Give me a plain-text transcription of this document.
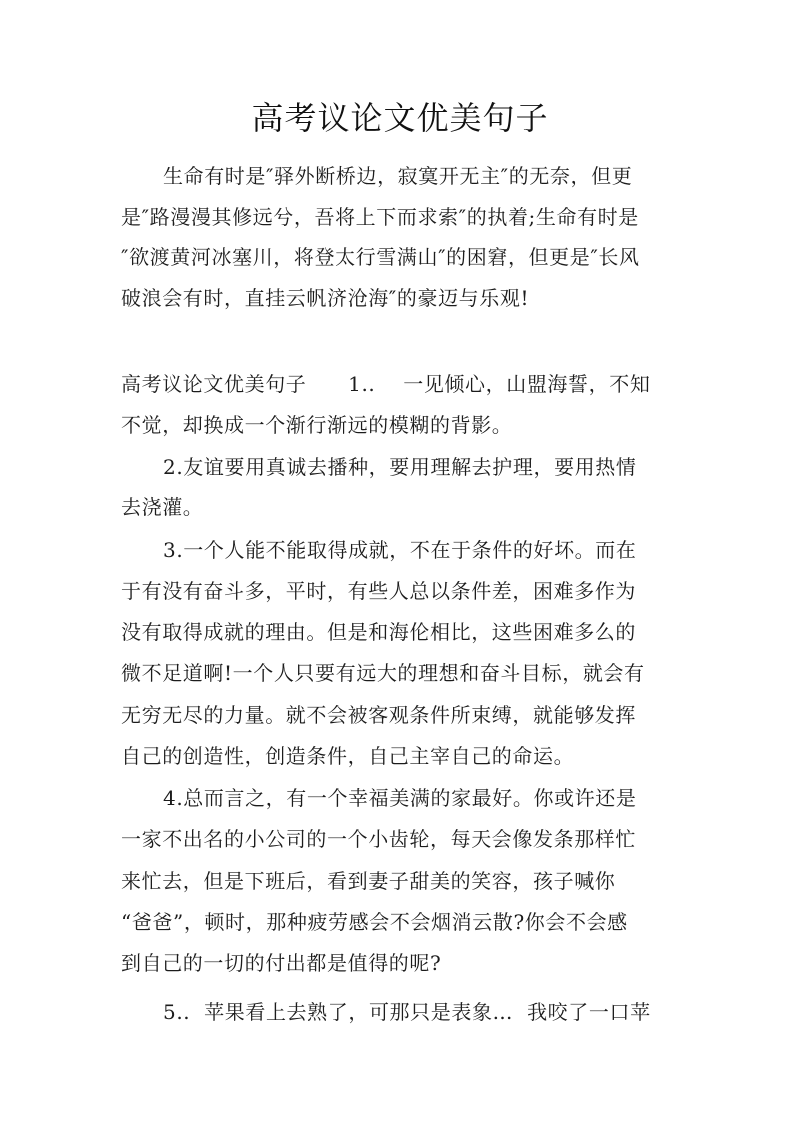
高考议论文优美句子
生命有时是″驿外断桥边，寂寞开无主″的无奈，但更
是″路漫漫其修远兮，吾将上下而求索″的执着;生命有时是
″欲渡黄河冰塞川，将登太行雪满山″的困窘，但更是″长风
破浪会有时，直挂云帆济沧海″的豪迈与乐观!
高考议论文优美句子      1..    一见倾心，山盟海誓，不知
不觉，却换成一个渐行渐远的模糊的背影。
2.友谊要用真诚去播种，要用理解去护理，要用热情
去浇灌。
3.一个人能不能取得成就，不在于条件的好坏。而在
于有没有奋斗多，平时，有些人总以条件差，困难多作为
没有取得成就的理由。但是和海伦相比，这些困难多么的
微不足道啊!一个人只要有远大的理想和奋斗目标，就会有
无穷无尽的力量。就不会被客观条件所束缚，就能够发挥
自己的创造性，创造条件，自己主宰自己的命运。
4.总而言之，有一个幸福美满的家最好。你或许还是
一家不出名的小公司的一个小齿轮，每天会像发条那样忙
来忙去，但是下班后，看到妻子甜美的笑容，孩子喊你
“爸爸”，顿时，那种疲劳感会不会烟消云散?你会不会感
到自己的一切的付出都是值得的呢?
5..  苹果看上去熟了，可那只是表象…  我咬了一口苹
